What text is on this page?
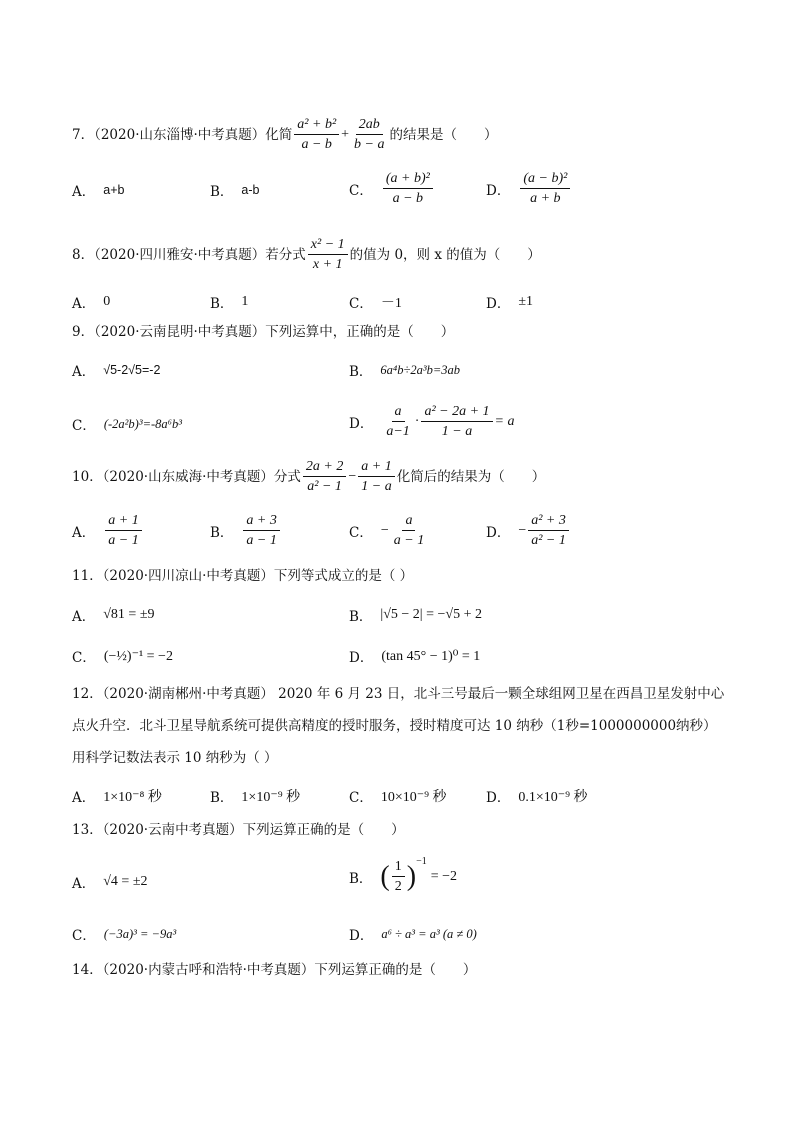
7 ．（2020·山东淄博·中考真题）化简 $\frac{\text{a² + b²}}{a - b} + \frac{2ab}{b - a}$ 的结果是（　　）
A． a+b	B． a-b	C． $\frac{\text{(a + b)²}}{a - b}$	D． $\frac{\text{(a − b)²}}{a + b}$
8 ．（2020·四川雅安·中考真题）若分式 $\frac{\text{x² − 1}}{x + 1}$ 的值为 0，则 x 的值为（　　）
A． 0	B． 1	C． －1	D． ±1
9 ．（2020·云南昆明·中考真题）下列运算中，正确的是（　　）
A． √5-2√5=-2	B． 6a⁴b÷2a³b=3ab
C． (-2a²b)³=-8a⁶b³	D． $\frac{a}{a-1} \cdot \frac{\text{a² − 2a + 1}}{1 - a} = a$
10 ．（2020·山东威海·中考真题）分式 $\frac{2a + 2}{\text{a² − 1}} - \frac{a + 1}{1 - a}$ 化简后的结果为（　　）
A． $\frac{a + 1}{a - 1}$	B． $\frac{a + 3}{a - 1}$	C． − $\frac{a}{a - 1}$	D． − $\frac{\text{a² + 3}}{\text{a² − 1}}$
11 ．（2020·四川凉山·中考真题）下列等式成立的是（ ）
A． √81 = ±9	B． |√5 − 2| = −√5 + 2
C． (−½)⁻¹ = −2	D． (tan 45° − 1)⁰ = 1
12 ．（2020·湖南郴州·中考真题） 2020 年 6 月 23 日，北斗三号最后一颗全球组网卫星在西昌卫星发射中心
点火升空．北斗卫星导航系统可提供高精度的授时服务，授时精度可达 10 纳秒（1秒=1000000000纳秒）
用科学记数法表示 10 纳秒为（ ）
A． 1×10⁻⁸ 秒	B． 1×10⁻⁹ 秒	C． 10×10⁻⁹ 秒	D． 0.1×10⁻⁹ 秒
13 ．（2020·云南中考真题）下列运算正确的是（　　）
A． √4 = ±2	B． ( $\frac{1}{2}$ ) −1
= −2
C． (−3a)³ = −9a³	D． a⁶ ÷ a³ = a³ (a ≠ 0)
14 ．（2020·内蒙古呼和浩特·中考真题）下列运算正确的是（　　）
